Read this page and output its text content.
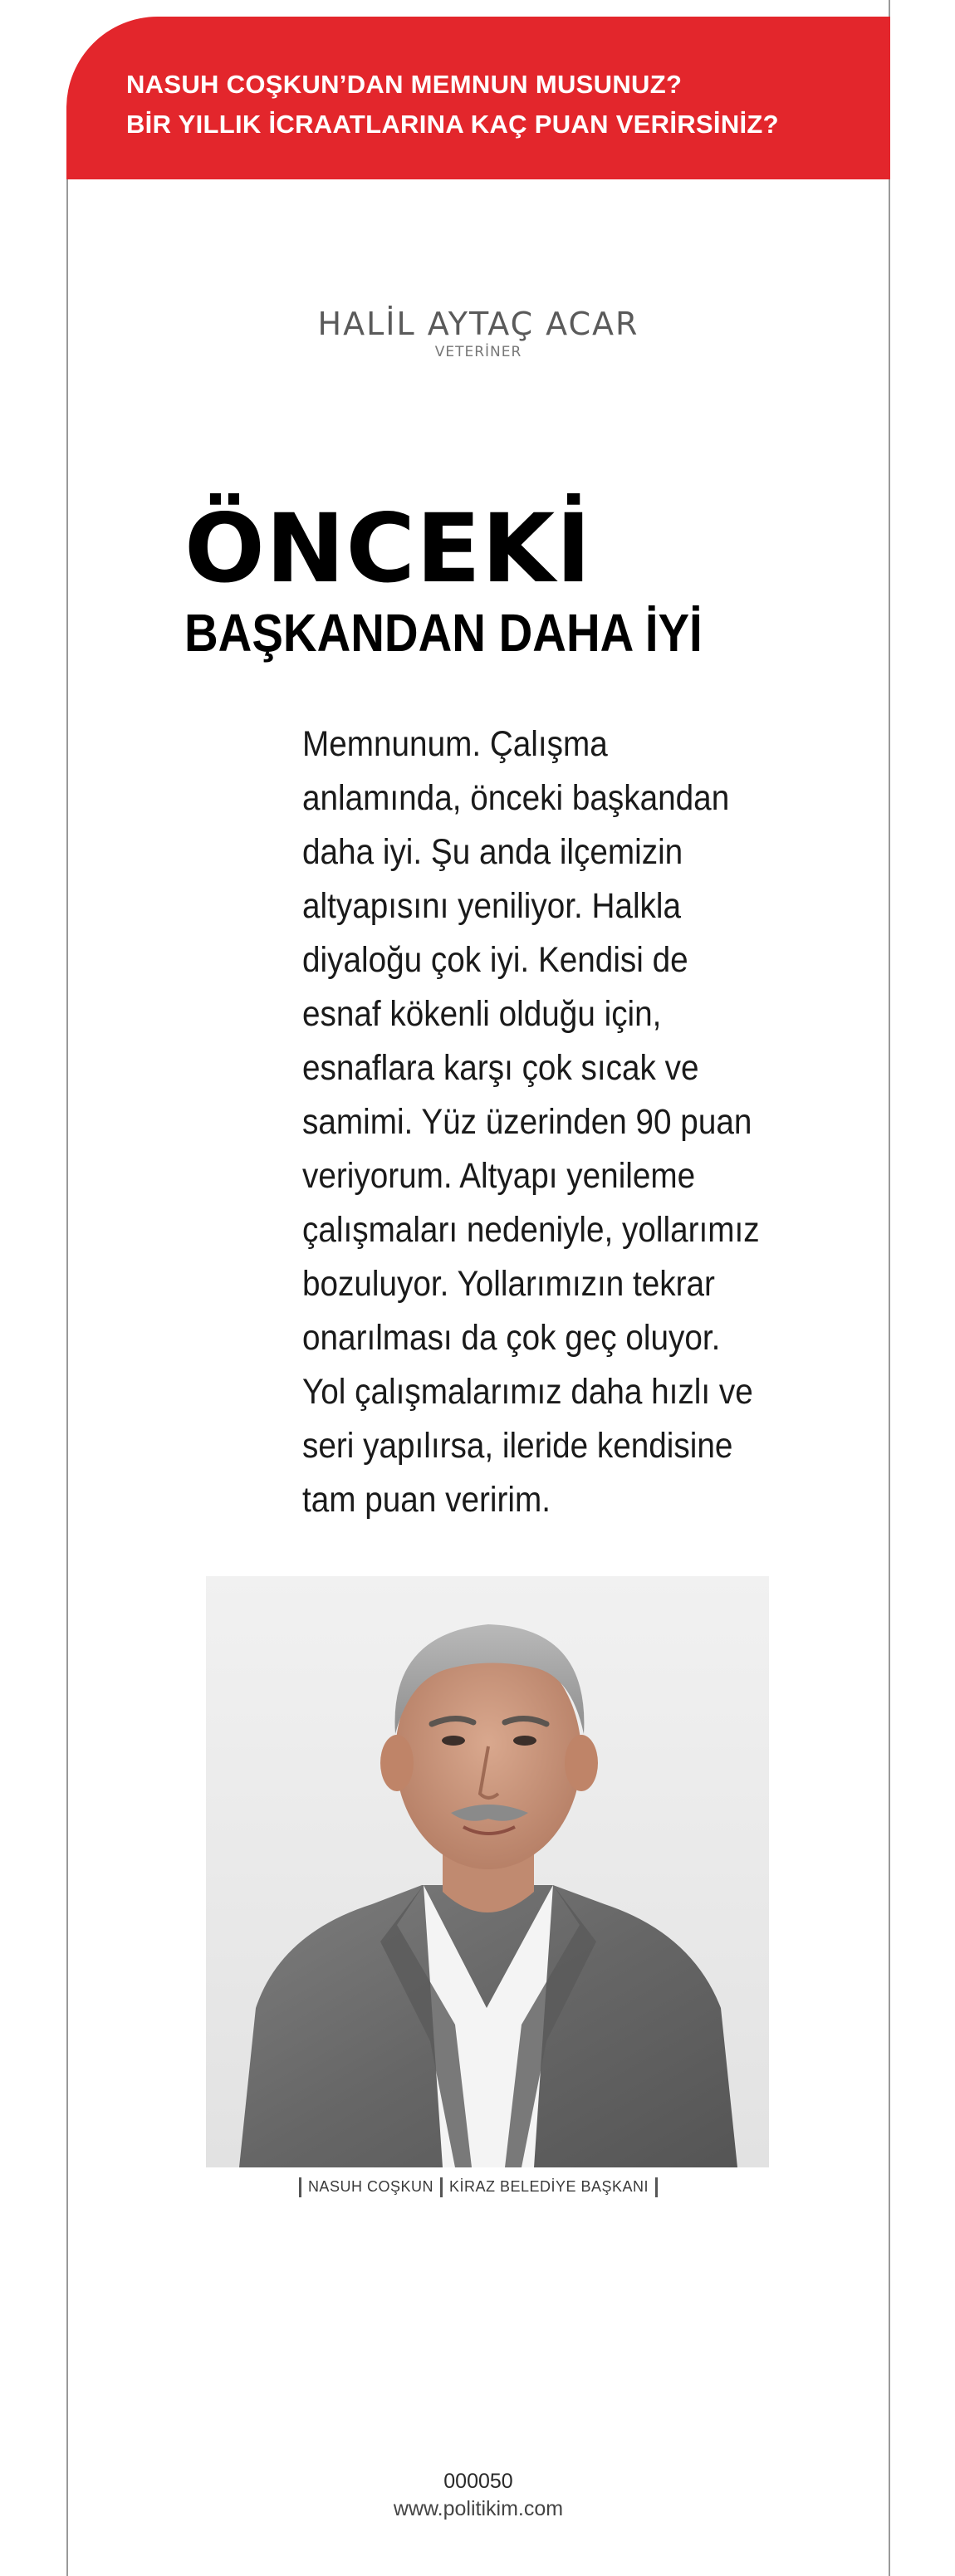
NASUH COŞKUN’DAN MEMNUN MUSUNUZ?
BİR YILLIK İCRAATLARINA KAÇ PUAN VERİRSİNİZ?
HALİL AYTAÇ ACAR
VETERİNER
ÖNCEKİ
BAŞKANDAN DAHA İYİ
Memnunum. Çalışma
anlamında, önceki başkandan
daha iyi. Şu anda ilçemizin
altyapısını yeniliyor. Halkla
diyaloğu çok iyi. Kendisi de
esnaf kökenli olduğu için,
esnaflara karşı çok sıcak ve
samimi. Yüz üzerinden 90 puan
veriyorum. Altyapı yenileme
çalışmaları nedeniyle, yollarımız
bozuluyor. Yollarımızın tekrar
onarılması da çok geç oluyor.
Yol çalışmalarımız daha hızlı ve
seri yapılırsa, ileride kendisine
tam puan veririm.
NASUH COŞKUN KİRAZ BELEDİYE BAŞKANI
000050
www.politikim.com
